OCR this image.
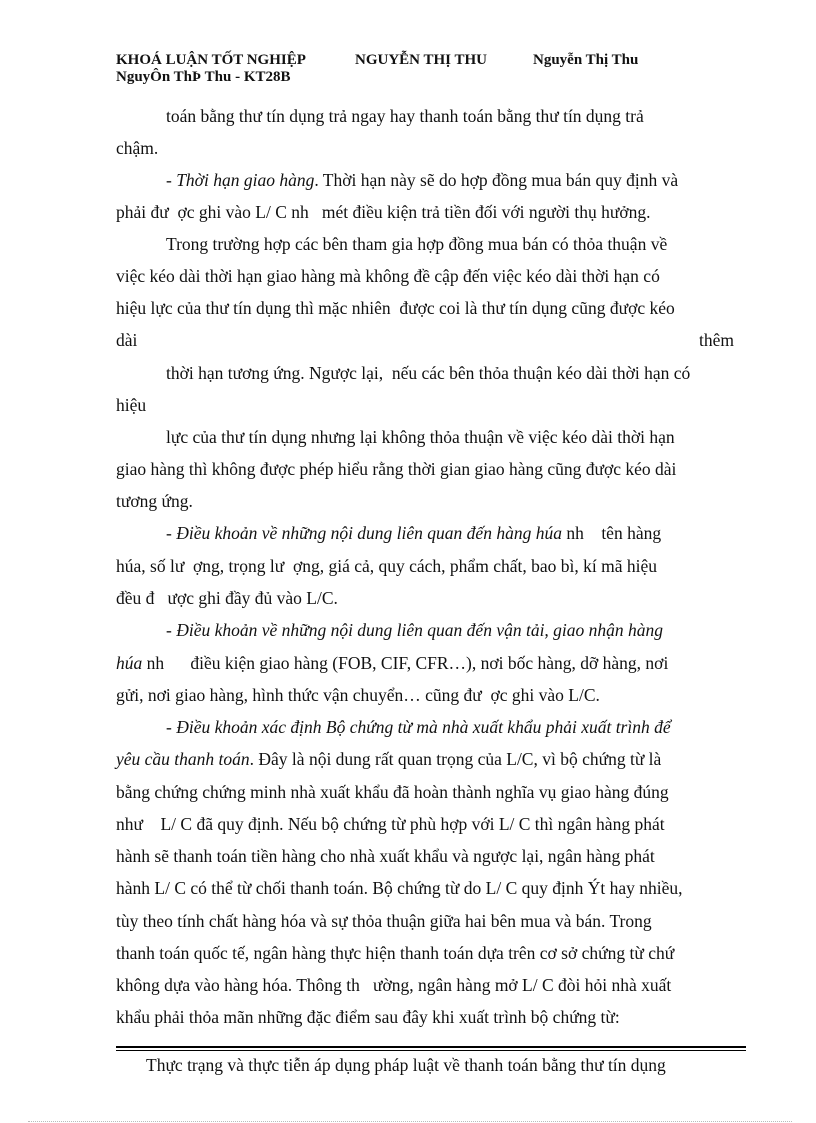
KHOÁ LUẬN TỐT NGHIỆP	NGUYỄN THỊ THU	Nguyễn Thị Thu
NguyÔn ThÞ Thu - KT28B
toán bằng thư tín dụng trả ngay hay thanh toán bằng thư tín dụng trả
chậm.
- Thời hạn giao hàng. Thời hạn này sẽ do hợp đồng mua bán quy định và
phải đư  ợc ghi vào L/ C nh   mét điều kiện trả tiền đối với người thụ hưởng.
Trong trường hợp các bên tham gia hợp đồng mua bán có thỏa thuận về
việc kéo dài thời hạn giao hàng mà không đề cập đến việc kéo dài thời hạn có
hiệu lực của thư tín dụng thì mặc nhiên  được coi là thư tín dụng cũng được kéo
dài	thêm
thời hạn tương ứng. Ngược lại,  nếu các bên thỏa thuận kéo dài thời hạn có
hiệu
lực của thư tín dụng nhưng lại không thỏa thuận về việc kéo dài thời hạn
giao hàng thì không được phép hiểu rằng thời gian giao hàng cũng được kéo dài
tương ứng.
- Điều khoản về những nội dung liên quan đến hàng húa nh    tên hàng
húa, số lư  ợng, trọng lư  ợng, giá cả, quy cách, phẩm chất, bao bì, kí mã hiệu
đều đ   ược ghi đầy đủ vào L/C.
- Điều khoản về những nội dung liên quan đến vận tải, giao nhận hàng
húa nh      điều kiện giao hàng (FOB, CIF, CFR…), nơi bốc hàng, dỡ hàng, nơi
gửi, nơi giao hàng, hình thức vận chuyển… cũng đư  ợc ghi vào L/C.
- Điều khoản xác định Bộ chứng từ mà nhà xuất khẩu phải xuất trình để
yêu cầu thanh toán. Đây là nội dung rất quan trọng của L/C, vì bộ chứng từ là
bằng chứng chứng minh nhà xuất khẩu đã hoàn thành nghĩa vụ giao hàng đúng
như    L/ C đã quy định. Nếu bộ chứng từ phù hợp với L/ C thì ngân hàng phát
hành sẽ thanh toán tiền hàng cho nhà xuất khẩu và ngược lại, ngân hàng phát
hành L/ C có thể từ chối thanh toán. Bộ chứng từ do L/ C quy định Ýt hay nhiều,
tùy theo tính chất hàng hóa và sự thỏa thuận giữa hai bên mua và bán. Trong
thanh toán quốc tế, ngân hàng thực hiện thanh toán dựa trên cơ sở chứng từ chứ
không dựa vào hàng hóa. Thông th   ường, ngân hàng mở L/ C đòi hỏi nhà xuất
khẩu phải thỏa mãn những đặc điểm sau đây khi xuất trình bộ chứng từ:
Thực trạng và thực tiễn áp dụng pháp luật về thanh toán bằng thư tín dụng
